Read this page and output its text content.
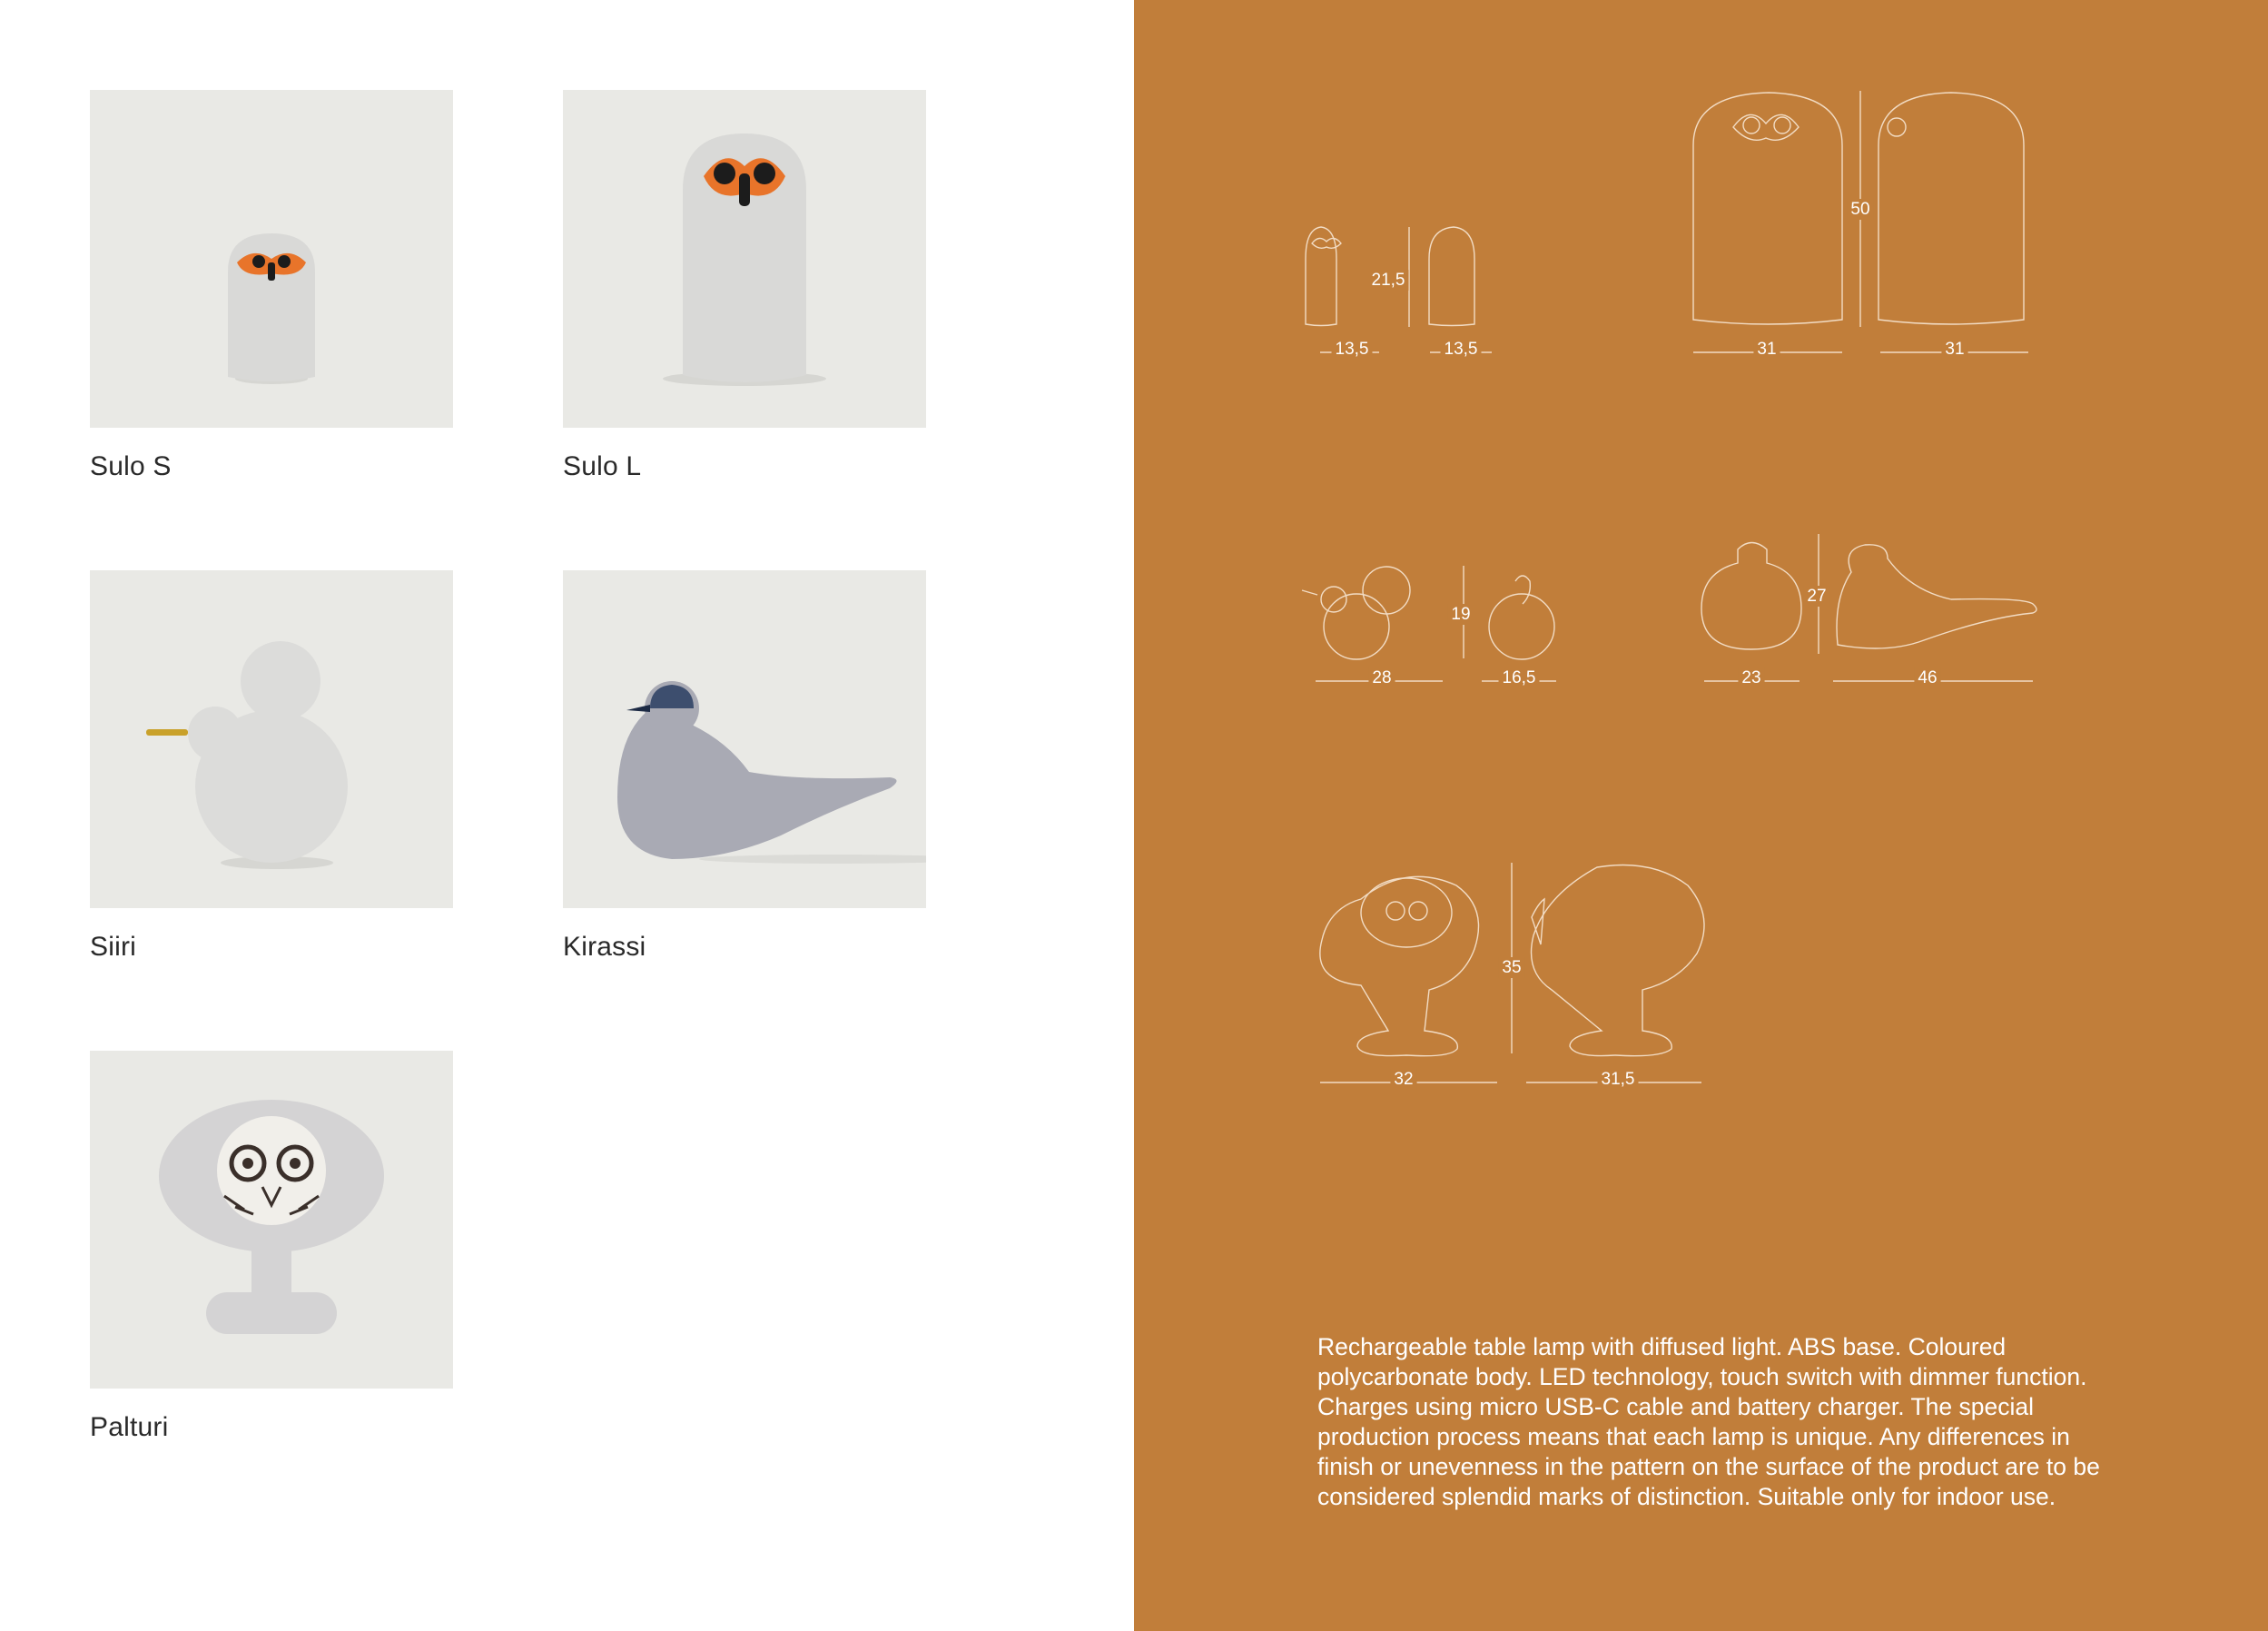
Sulo S	Sulo L
Siiri	Kirassi
Palturi
21,5
13,5	13,5
50
31	31
19
28	16,5
27
23	46
35
32	31,5
Rechargeable table lamp with diffused light. ABS base. Coloured polycarbonate body. LED technology, touch switch with dimmer function. Charges using micro USB-C cable and battery charger. The special production process means that each lamp is unique. Any differences in finish or unevenness in the pattern on the surface of the product are to be considered splendid marks of distinction. Suitable only for indoor use.
